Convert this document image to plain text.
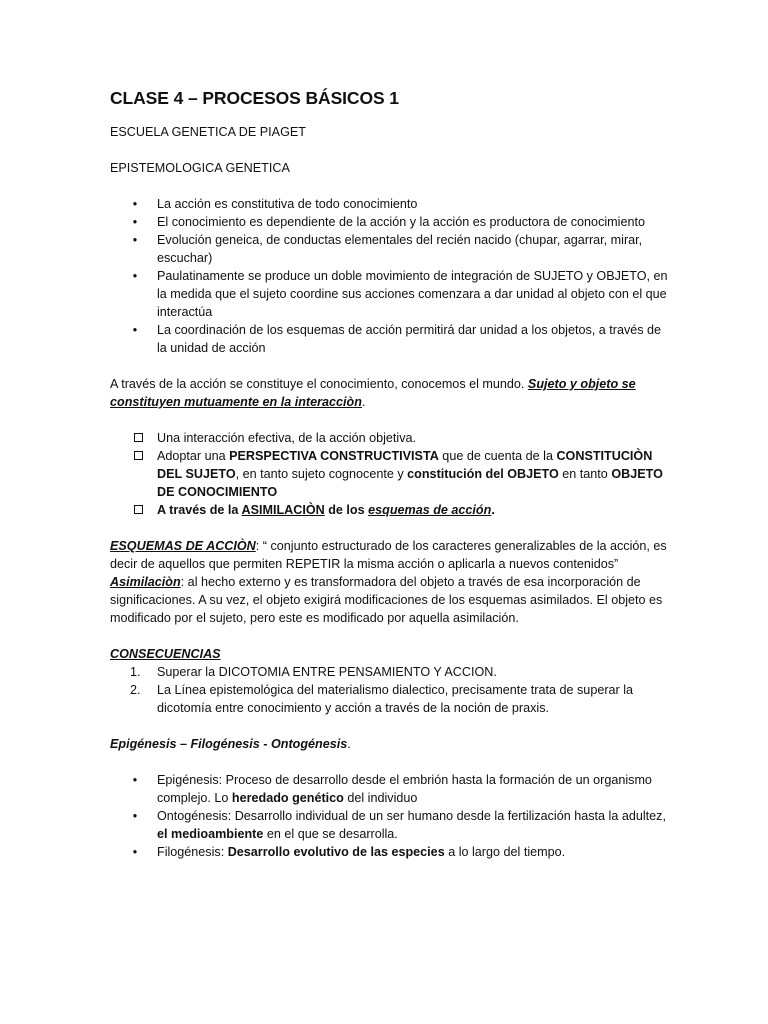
CLASE 4 – PROCESOS BÁSICOS 1

ESCUELA GENETICA DE PIAGET

EPISTEMOLOGICA GENETICA

• La acción es constitutiva de todo conocimiento
• El conocimiento es dependiente de la acción y la acción es productora de conocimiento
• Evolución geneica, de conductas elementales del recién nacido (chupar, agarrar, mirar, escuchar)
• Paulatinamente se produce un doble movimiento de integración de SUJETO y OBJETO, en la medida que el sujeto coordine sus acciones comenzara a dar unidad al objeto con el que interactúa
• La coordinación de los esquemas de acción permitirá dar unidad a los objetos, a través de la unidad de acción

A través de la acción se constituye el conocimiento, conocemos el mundo. Sujeto y objeto se constituyen mutuamente en la interacciòn.

Una interacción efectiva, de la acción objetiva.
Adoptar una PERSPECTIVA CONSTRUCTIVISTA que de cuenta de la CONSTITUCIÒN DEL SUJETO, en tanto sujeto cognocente y constitución del OBJETO en tanto OBJETO DE CONOCIMIENTO
A través de la ASIMILACIÒN de los esquemas de acción.

ESQUEMAS DE ACCIÒN: “ conjunto estructurado de los caracteres generalizables de la acción, es decir de aquellos que permiten REPETIR la misma acción o aplicarla a nuevos contenidos”

Asimilaciòn: al hecho externo y es transformadora del objeto a través de esa incorporación de significaciones. A su vez, el objeto exigirá modificaciones de los esquemas asimilados. El objeto es modificado por el sujeto, pero este es modificado por aquella asimilación.

CONSECUENCIAS

1.	Superar la DICOTOMIA ENTRE PENSAMIENTO Y ACCION.
2.	La Línea epistemológica del materialismo dialectico, precisamente trata de superar la dicotomía entre conocimiento y acción a través de la noción de praxis.

Epigénesis – Filogénesis - Ontogénesis.

• Epigénesis: Proceso de desarrollo desde el embrión hasta la formación de un organismo complejo. Lo heredado genético del individuo
• Ontogénesis: Desarrollo individual de un ser humano desde la fertilización hasta la adultez, el medioambiente en el que se desarrolla.
• Filogénesis: Desarrollo evolutivo de las especies a lo largo del tiempo.
